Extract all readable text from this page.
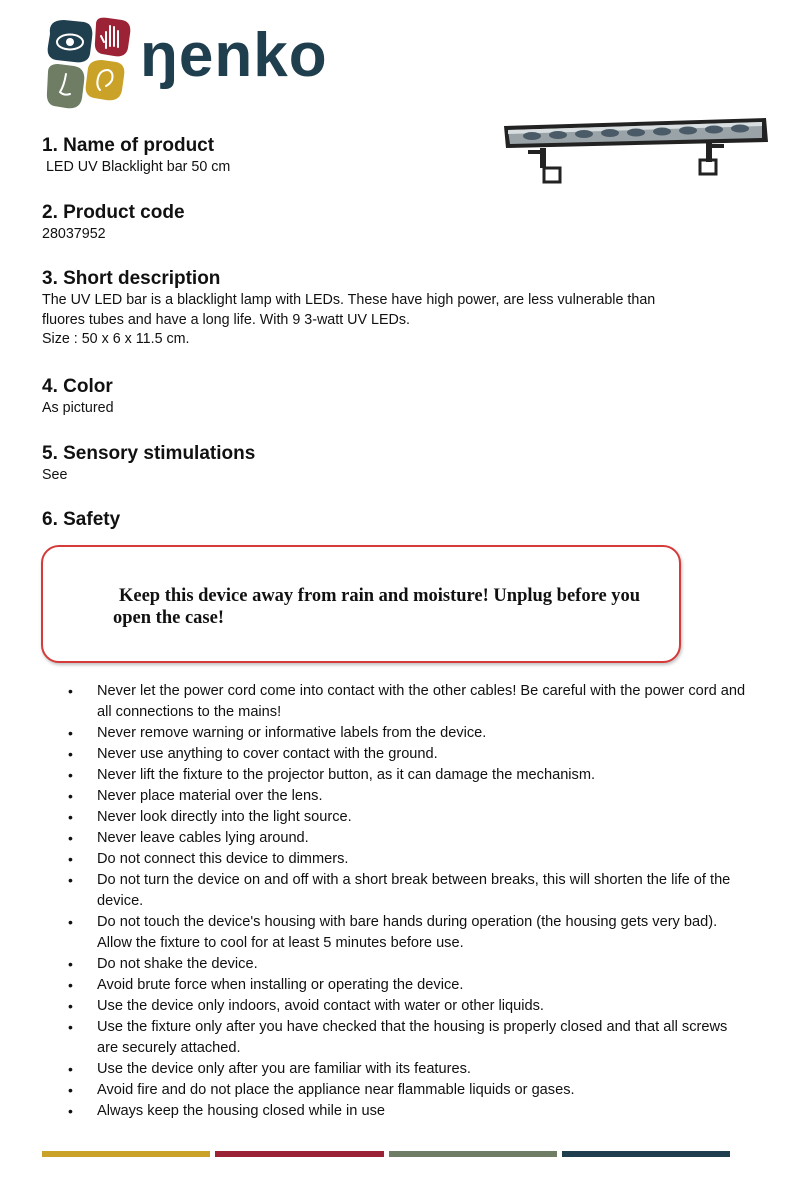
ŋenko
1. Name of product

LED UV Blacklight bar 50 cm

2. Product code

28037952

3. Short description

The UV LED bar is a blacklight lamp with LEDs. These have high power, are less vulnerable than

fluores tubes and have a long life. With 9 3-watt UV LEDs.

Size : 50 x 6 x 11.5 cm.

4. Color

As pictured

5. Sensory stimulations

See

6. Safety
Keep this device away from rain and moisture! Unplug before you open the case!
• Never let the power cord come into contact with the other cables! Be careful with the power cord and all connections to the mains!
• Never remove warning or informative labels from the device.
• Never use anything to cover contact with the ground.
• Never lift the fixture to the projector button, as it can damage the mechanism.
• Never place material over the lens.
• Never look directly into the light source.
• Never leave cables lying around.
• Do not connect this device to dimmers.
• Do not turn the device on and off with a short break between breaks, this will shorten the life of the device.
• Do not touch the device's housing with bare hands during operation (the housing gets very bad). Allow the fixture to cool for at least 5 minutes before use.
• Do not shake the device.
• Avoid brute force when installing or operating the device.
• Use the device only indoors, avoid contact with water or other liquids.
• Use the fixture only after you have checked that the housing is properly closed and that all screws are securely attached.
• Use the device only after you are familiar with its features.
• Avoid fire and do not place the appliance near flammable liquids or gases.
• Always keep the housing closed while in use
